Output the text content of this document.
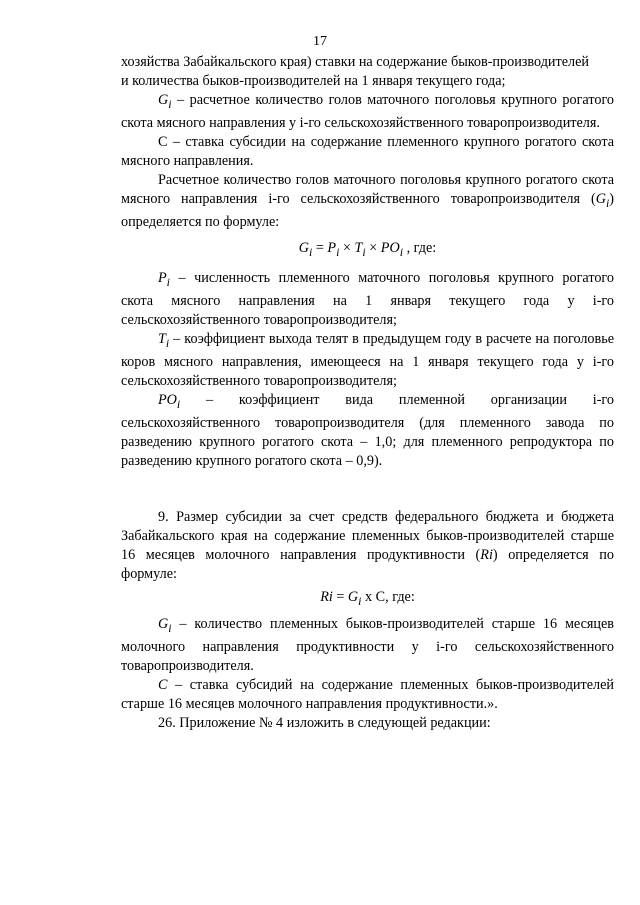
17

хозяйства Забайкальского края) ставки на содержание быков-производителей

и количества быков-производителей на 1 января текущего года;

$G_i$ – расчетное количество голов маточного поголовья крупного рогатого скота мясного направления у i-го сельскохозяйственного товаропроизводителя.

С – ставка субсидии на содержание племенного крупного рогатого скота мясного направления.

Расчетное количество голов маточного поголовья крупного рогатого скота мясного направления i-го сельскохозяйственного товаропроизводителя $(G_i)$ определяется по формуле:

$G_i = P_i \times T_i \times PO_i$ , где:

$P_i$ – численность племенного маточного поголовья крупного рогатого скота мясного направления на 1 января текущего года у i-го сельскохозяйственного товаропроизводителя;

$T_i$ – коэффициент выхода телят в предыдущем году в расчете на поголовье коров мясного направления, имеющееся на 1 января текущего года у i-го сельскохозяйственного товаропроизводителя;

$PO_i$ – коэффициент вида племенной организации i-го сельскохозяйственного товаропроизводителя (для племенного завода по разведению крупного рогатого скота – 1,0; для племенного репродуктора по разведению крупного рогатого скота – 0,9).

9. Размер субсидии за счет средств федерального бюджета и бюджета Забайкальского края на содержание племенных быков-производителей старше 16 месяцев молочного направления продуктивности (Ri) определяется по формуле:

$Ri = G_i$ x C, где:

$G_i$ – количество племенных быков-производителей старше 16 месяцев молочного направления продуктивности у i-го сельскохозяйственного товаропроизводителя.

C – ставка субсидий на содержание племенных быков-производителей старше 16 месяцев молочного направления продуктивности.».

26. Приложение № 4 изложить в следующей редакции:
